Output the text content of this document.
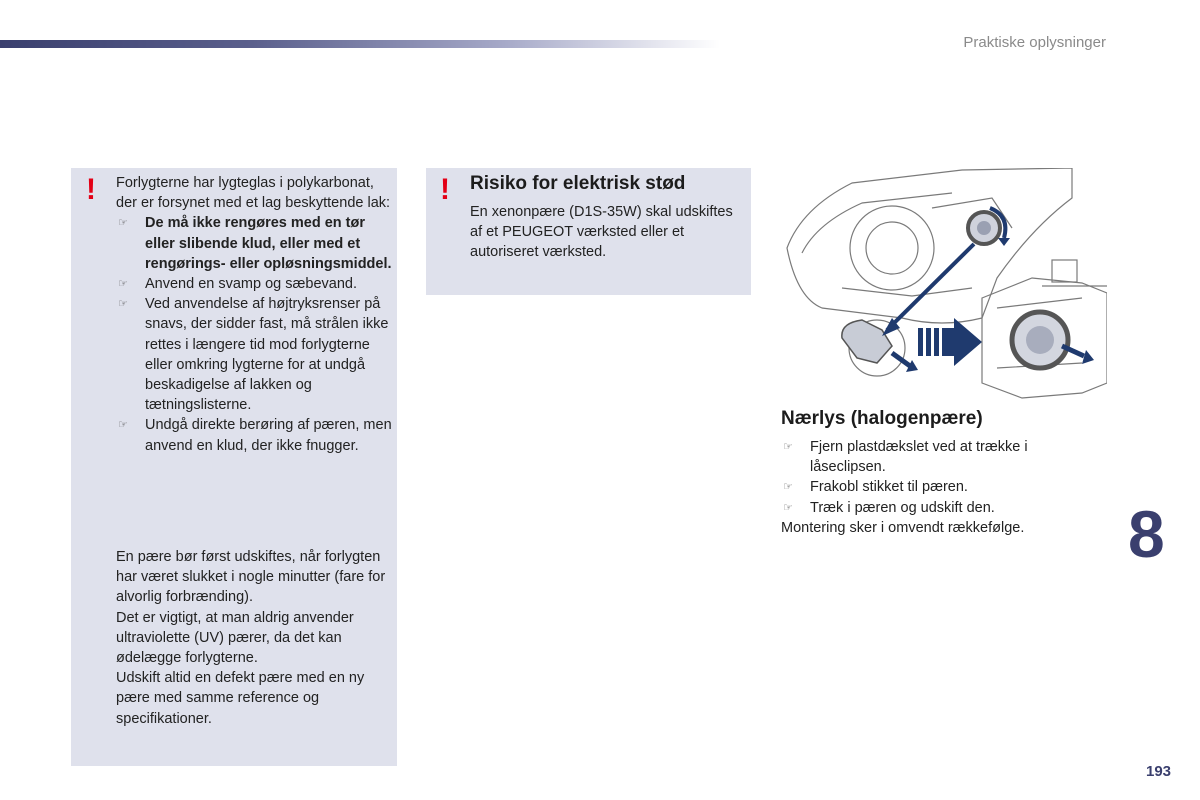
Praktiske oplysninger
! Forlygterne har lygteglas i polykarbonat, der er forsynet med et lag beskyttende lak:

☞ De må ikke rengøres med en tør eller slibende klud, eller med et rengørings- eller opløsningsmiddel.
☞ Anvend en svamp og sæbevand.
☞ Ved anvendelse af højtryksrenser på snavs, der sidder fast, må strålen ikke rettes i længere tid mod forlygterne eller omkring lygterne for at undgå beskadigelse af lakken og tætningslisterne.
☞ Undgå direkte berøring af pæren, men anvend en klud, der ikke fnugger.

En pære bør først udskiftes, når forlygten har været slukket i nogle minutter (fare for alvorlig forbrænding).

Det er vigtigt, at man aldrig anvender ultraviolette (UV) pærer, da det kan ødelægge forlygterne.

Udskift altid en defekt pære med en ny pære med samme reference og specifikationer.

! Risiko for elektrisk stød
En xenonpære (D1S-35W) skal udskiftes af et PEUGEOT værksted eller et autoriseret værksted.
Nærlys (halogenpære)
☞ Fjern plastdækslet ved at trække i låseclipsen.
☞ Frakobl stikket til pæren.
☞ Træk i pæren og udskift den.

Montering sker i omvendt rækkefølge.	8
193
